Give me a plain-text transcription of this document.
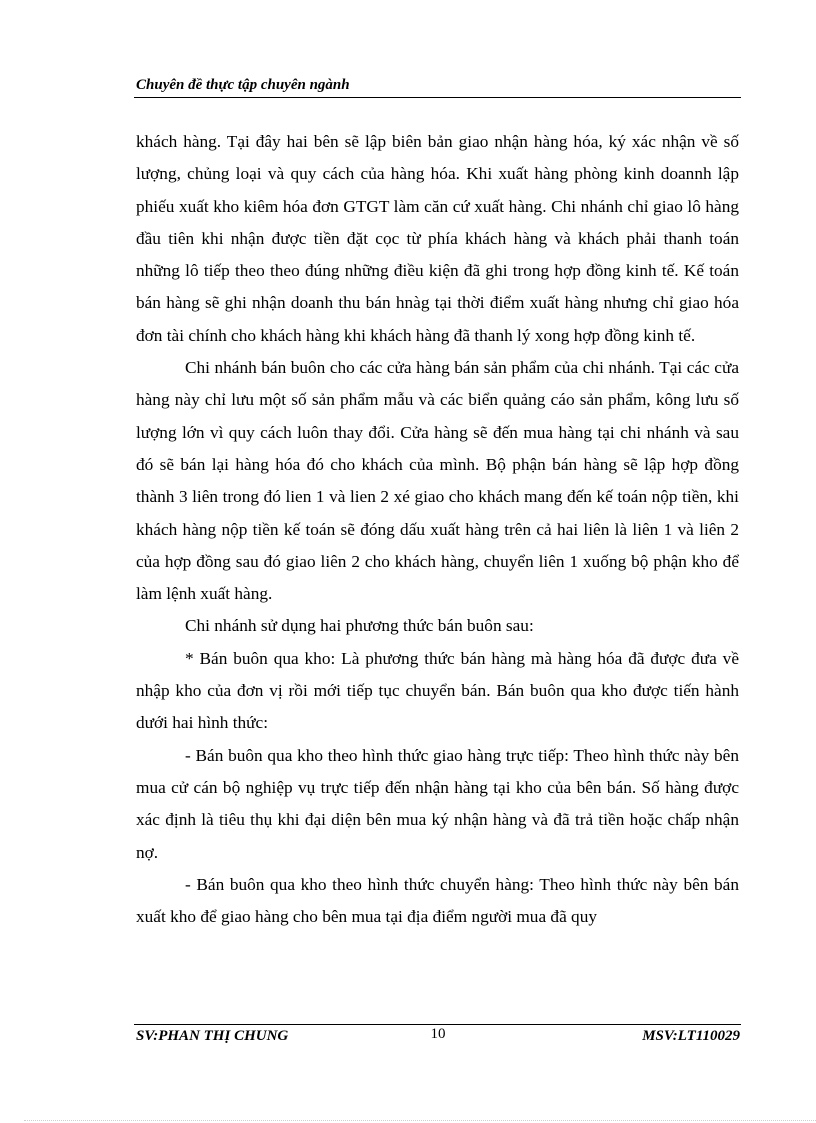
Chuyên đề thực tập chuyên ngành

khách hàng. Tại đây hai bên sẽ lập biên bản giao nhận hàng hóa, ký xác nhận về số lượng, chủng loại và quy cách của hàng hóa. Khi xuất hàng phòng kinh doannh lập phiếu xuất kho kiêm hóa đơn GTGT làm căn cứ xuất hàng. Chi nhánh chỉ giao lô hàng đầu tiên khi nhận được tiền đặt cọc từ phía khách hàng và khách phải thanh toán những lô tiếp theo theo đúng những điều kiện đã ghi trong hợp đồng kinh tế. Kế toán bán hàng sẽ ghi nhận doanh thu bán hnàg tại thời điểm xuất hàng nhưng chỉ giao hóa đơn tài chính cho khách hàng khi khách hàng đã thanh lý xong hợp đồng kinh tế.

Chi nhánh bán buôn cho các cửa hàng bán sản phẩm của chi nhánh. Tại các cửa hàng này chỉ lưu một số sản phẩm mẫu và các biển quảng cáo sản phẩm, kông lưu số lượng lớn vì quy cách luôn thay đổi. Cửa hàng sẽ đến mua hàng tại chi nhánh và sau đó sẽ bán lại hàng hóa đó cho khách của mình. Bộ phận bán hàng sẽ lập hợp đồng thành 3 liên trong đó lien 1 và lien 2 xé giao cho khách mang đến kế toán nộp tiền, khi khách hàng nộp tiền kế toán sẽ đóng dấu xuất hàng trên cả hai liên là liên 1 và liên 2 của hợp đồng sau đó giao liên 2 cho khách hàng, chuyển liên 1 xuống bộ phận kho để làm lệnh xuất hàng.

Chi nhánh sử dụng hai phương thức bán buôn sau:

* Bán buôn qua kho: Là phương thức bán hàng mà hàng hóa đã được đưa về nhập kho của đơn vị rồi mới tiếp tục chuyển bán. Bán buôn qua kho được tiến hành dưới hai hình thức:

- Bán buôn qua kho theo hình thức giao hàng trực tiếp: Theo hình thức này bên mua cử cán bộ nghiệp vụ trực tiếp đến nhận hàng tại kho của bên bán. Số hàng được xác định là tiêu thụ khi đại diện bên mua ký nhận hàng và đã trả tiền hoặc chấp nhận nợ.

- Bán buôn qua kho theo hình thức chuyển hàng: Theo hình thức này bên bán xuất kho để giao hàng cho bên mua tại địa điểm người mua đã quy

SV:PHAN THỊ CHUNG	10	MSV:LT110029
